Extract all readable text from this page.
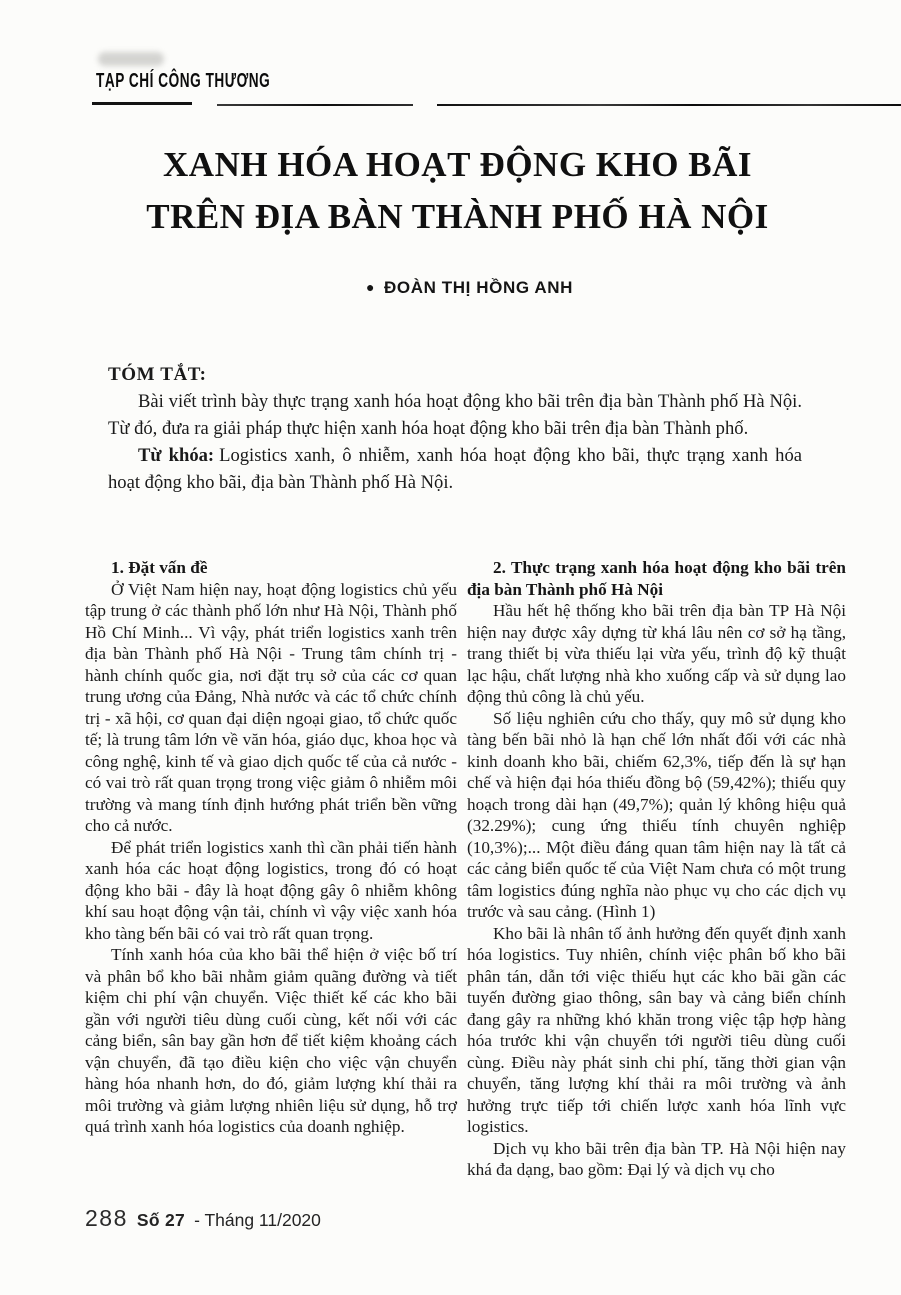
TẠP CHÍ CÔNG THƯƠNG
XANH HÓA HOẠT ĐỘNG KHO BÃI
TRÊN ĐỊA BÀN THÀNH PHỐ HÀ NỘI
● ĐOÀN THỊ HỒNG ANH
TÓM TẮT:

Bài viết trình bày thực trạng xanh hóa hoạt động kho bãi trên địa bàn Thành phố Hà Nội. Từ đó, đưa ra giải pháp thực hiện xanh hóa hoạt động kho bãi trên địa bàn Thành phố.

Từ khóa: Logistics xanh, ô nhiễm, xanh hóa hoạt động kho bãi, thực trạng xanh hóa hoạt động kho bãi, địa bàn Thành phố Hà Nội.

1. Đặt vấn đề

Ở Việt Nam hiện nay, hoạt động logistics chủ yếu tập trung ở các thành phố lớn như Hà Nội, Thành phố Hồ Chí Minh... Vì vậy, phát triển logistics xanh trên địa bàn Thành phố Hà Nội - Trung tâm chính trị - hành chính quốc gia, nơi đặt trụ sở của các cơ quan trung ương của Đảng, Nhà nước và các tổ chức chính trị - xã hội, cơ quan đại diện ngoại giao, tổ chức quốc tế; là trung tâm lớn về văn hóa, giáo dục, khoa học và công nghệ, kinh tế và giao dịch quốc tế của cả nước - có vai trò rất quan trọng trong việc giảm ô nhiễm môi trường và mang tính định hướng phát triển bền vững cho cả nước.

Để phát triển logistics xanh thì cần phải tiến hành xanh hóa các hoạt động logistics, trong đó có hoạt động kho bãi - đây là hoạt động gây ô nhiễm không khí sau hoạt động vận tải, chính vì vậy việc xanh hóa kho tàng bến bãi có vai trò rất quan trọng.

Tính xanh hóa của kho bãi thể hiện ở việc bố trí và phân bổ kho bãi nhằm giảm quãng đường và tiết kiệm chi phí vận chuyển. Việc thiết kế các kho bãi gần với người tiêu dùng cuối cùng, kết nối với các cảng biển, sân bay gần hơn để tiết kiệm khoảng cách vận chuyển, đã tạo điều kiện cho việc vận chuyển hàng hóa nhanh hơn, do đó, giảm lượng khí thải ra môi trường và giảm lượng nhiên liệu sử dụng, hỗ trợ quá trình xanh hóa logistics của doanh nghiệp.

2. Thực trạng xanh hóa hoạt động kho bãi trên địa bàn Thành phố Hà Nội

Hầu hết hệ thống kho bãi trên địa bàn TP Hà Nội hiện nay được xây dựng từ khá lâu nên cơ sở hạ tầng, trang thiết bị vừa thiếu lại vừa yếu, trình độ kỹ thuật lạc hậu, chất lượng nhà kho xuống cấp và sử dụng lao động thủ công là chủ yếu.

Số liệu nghiên cứu cho thấy, quy mô sử dụng kho tàng bến bãi nhỏ là hạn chế lớn nhất đối với các nhà kinh doanh kho bãi, chiếm 62,3%, tiếp đến là sự hạn chế và hiện đại hóa thiếu đồng bộ (59,42%); thiếu quy hoạch trong dài hạn (49,7%); quản lý không hiệu quả (32.29%); cung ứng thiếu tính chuyên nghiệp (10,3%);... Một điều đáng quan tâm hiện nay là tất cả các cảng biển quốc tế của Việt Nam chưa có một trung tâm logistics đúng nghĩa nào phục vụ cho các dịch vụ trước và sau cảng. (Hình 1)

Kho bãi là nhân tố ảnh hưởng đến quyết định xanh hóa logistics. Tuy nhiên, chính việc phân bố kho bãi phân tán, dẫn tới việc thiếu hụt các kho bãi gần các tuyến đường giao thông, sân bay và cảng biển chính đang gây ra những khó khăn trong việc tập hợp hàng hóa trước khi vận chuyển tới người tiêu dùng cuối cùng. Điều này phát sinh chi phí, tăng thời gian vận chuyển, tăng lượng khí thải ra môi trường và ảnh hưởng trực tiếp tới chiến lược xanh hóa lĩnh vực logistics.

Dịch vụ kho bãi trên địa bàn TP. Hà Nội hiện nay khá đa dạng, bao gồm: Đại lý và dịch vụ cho

288 Số 27 - Tháng 11/2020
